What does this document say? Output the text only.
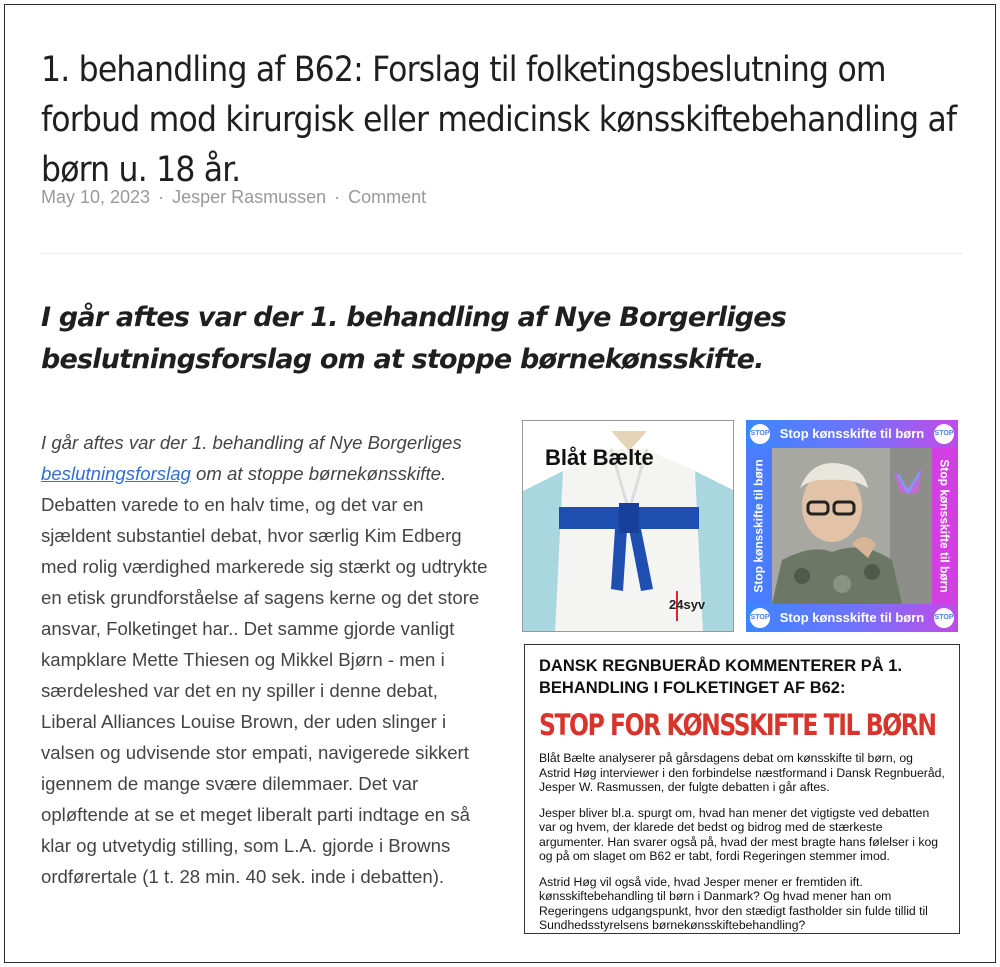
1. behandling af B62: Forslag til folketingsbeslutning om forbud mod kirurgisk eller medicinsk kønsskiftebehandling af børn u. 18 år.
May 10, 2023 · Jesper Rasmussen · Comment
I går aftes var der 1. behandling af Nye Borgerliges beslutningsforslag om at stoppe børnekønsskifte.
I går aftes var der 1. behandling af Nye Borgerliges beslutningsforslag om at stoppe børnekønsskifte. Debatten varede to en halv time, og det var en sjældent substantiel debat, hvor særlig Kim Edberg med rolig værdighed markerede sig stærkt og udtrykte en etisk grundforståelse af sagens kerne og det store ansvar, Folketinget har.. Det samme gjorde vanligt kampklare Mette Thiesen og Mikkel Bjørn - men i særdeleshed var det en ny spiller i denne debat, Liberal Alliances Louise Brown, der uden slinger i valsen og udvisende stor empati, navigerede sikkert igennem de mange svære dilemmaer. Det var opløftende at se et meget liberalt parti indtage en så klar og utvetydig stilling, som L.A. gjorde i Browns ordførertale (1 t. 28 min. 40 sek. inde i debatten).
Blåt Bælte
24syv
Stop kønsskifte til børn
Stop kønsskifte til børn	Stop kønsskifte til børn
Stop kønsskifte til børn
STOP	STOP
STOP	STOP
DANSK REGNBUERÅD KOMMENTERER PÅ 1. BEHANDLING I FOLKETINGET AF B62:
STOP FOR KØNSSKIFTE TIL BØRN

Blåt Bælte analyserer på gårsdagens debat om kønsskifte til børn, og Astrid Høg interviewer i den forbindelse næstformand i Dansk Regnbueråd, Jesper W. Rasmussen, der fulgte debatten i går aftes.

Jesper bliver bl.a. spurgt om, hvad han mener det vigtigste ved debatten var og hvem, der klarede det bedst og bidrog med de stærkeste argumenter. Han svarer også på, hvad der mest bragte hans følelser i kog og på om slaget om B62 er tabt, fordi Regeringen stemmer imod.

Astrid Høg vil også vide, hvad Jesper mener er fremtiden ift. kønsskiftebehandling til børn i Danmark? Og hvad mener han om Regeringens udgangspunkt, hvor den stædigt fastholder sin fulde tillid til Sundhedsstyrelsens børnekønsskiftebehandling?
